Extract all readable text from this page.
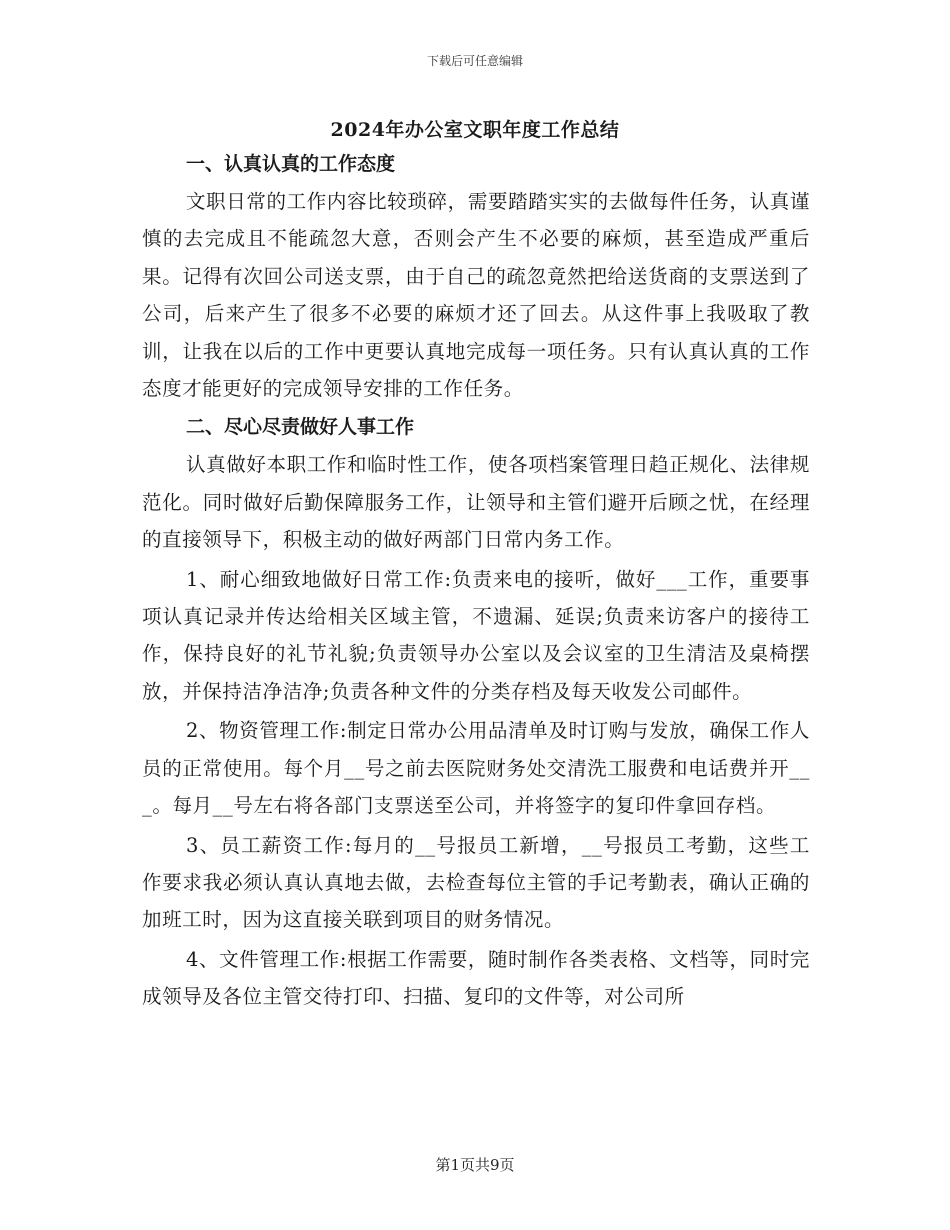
下载后可任意编辑
2024年办公室文职年度工作总结

一、认真认真的工作态度

文职日常的工作内容比较琐碎，需要踏踏实实的去做每件任务，认真谨慎的去完成且不能疏忽大意，否则会产生不必要的麻烦，甚至造成严重后果。记得有次回公司送支票，由于自己的疏忽竟然把给送货商的支票送到了公司，后来产生了很多不必要的麻烦才还了回去。从这件事上我吸取了教训，让我在以后的工作中更要认真地完成每一项任务。只有认真认真的工作态度才能更好的完成领导安排的工作任务。

二、尽心尽责做好人事工作

认真做好本职工作和临时性工作，使各项档案管理日趋正规化、法律规范化。同时做好后勤保障服务工作，让领导和主管们避开后顾之忧，在经理的直接领导下，积极主动的做好两部门日常内务工作。

1、耐心细致地做好日常工作:负责来电的接听，做好___工作，重要事项认真记录并传达给相关区域主管，不遗漏、延误;负责来访客户的接待工作，保持良好的礼节礼貌;负责领导办公室以及会议室的卫生清洁及桌椅摆放，并保持洁净洁净;负责各种文件的分类存档及每天收发公司邮件。

2、物资管理工作:制定日常办公用品清单及时订购与发放，确保工作人员的正常使用。每个月__号之前去医院财务处交清洗工服费和电话费并开___。每月__号左右将各部门支票送至公司，并将签字的复印件拿回存档。

3、员工薪资工作:每月的__号报员工新增，__号报员工考勤，这些工作要求我必须认真认真地去做，去检查每位主管的手记考勤表，确认正确的加班工时，因为这直接关联到项目的财务情况。

4、文件管理工作:根据工作需要，随时制作各类表格、文档等，同时完成领导及各位主管交待打印、扫描、复印的文件等，对公司所

第1页共9页
